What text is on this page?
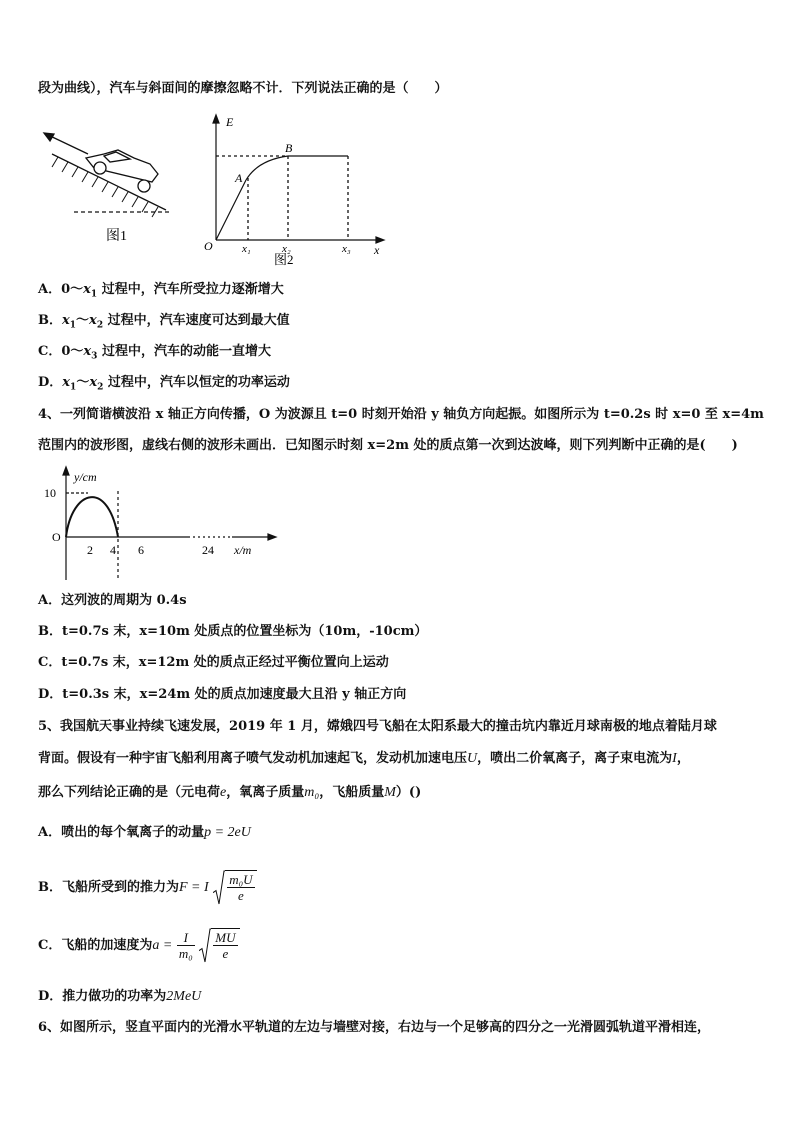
段为曲线），汽车与斜面间的摩擦忽略不计．下列说法正确的是（　　）
图1
E
x
O
A
B
x₁	x₂	x₃
图2
A．$0\sim x_1$ 过程中，汽车所受拉力逐渐增大
B．$x_1\sim x_2$ 过程中，汽车速度可达到最大值
C．$0\sim x_3$ 过程中，汽车的动能一直增大
D．$x_1\sim x_2$ 过程中，汽车以恒定的功率运动
4、一列简谐横波沿 x 轴正方向传播，O 为波源且 t=0 时刻开始沿 y 轴负方向起振。如图所示为 t=0.2s 时 x=0 至 x=4m
范围内的波形图，虚线右侧的波形未画出．已知图示时刻 x=2m 处的质点第一次到达波峰，则下列判断中正确的是(　　)
y/cm
10
O
2 4 6	24 x/m
A．这列波的周期为 0.4s
B．t=0.7s 末，x=10m 处质点的位置坐标为（10m，-10cm）
C．t=0.7s 末，x=12m 处的质点正经过平衡位置向上运动
D．t=0.3s 末，x=24m 处的质点加速度最大且沿 y 轴正方向
5、我国航天事业持续飞速发展，2019 年 1 月，嫦娥四号飞船在太阳系最大的撞击坑内靠近月球南极的地点着陆月球
背面。假设有一种宇宙飞船利用离子喷气发动机加速起飞，发动机加速电压U，喷出二价氧离子，离子束电流为I，
那么下列结论正确的是（元电荷e，氧离子质量m₀，飞船质量M）()
A．喷出的每个氧离子的动量p = 2eU
B．飞船所受到的推力为F = I $\frac{\text{m₀U}}{e}$
C．飞船的加速度为$a = \frac{I}{\text{m₀}}$
$\frac{MU}{e}$
D．推力做功的功率为2MeU
6、如图所示，竖直平面内的光滑水平轨道的左边与墙壁对接，右边与一个足够高的四分之一光滑圆弧轨道平滑相连，
